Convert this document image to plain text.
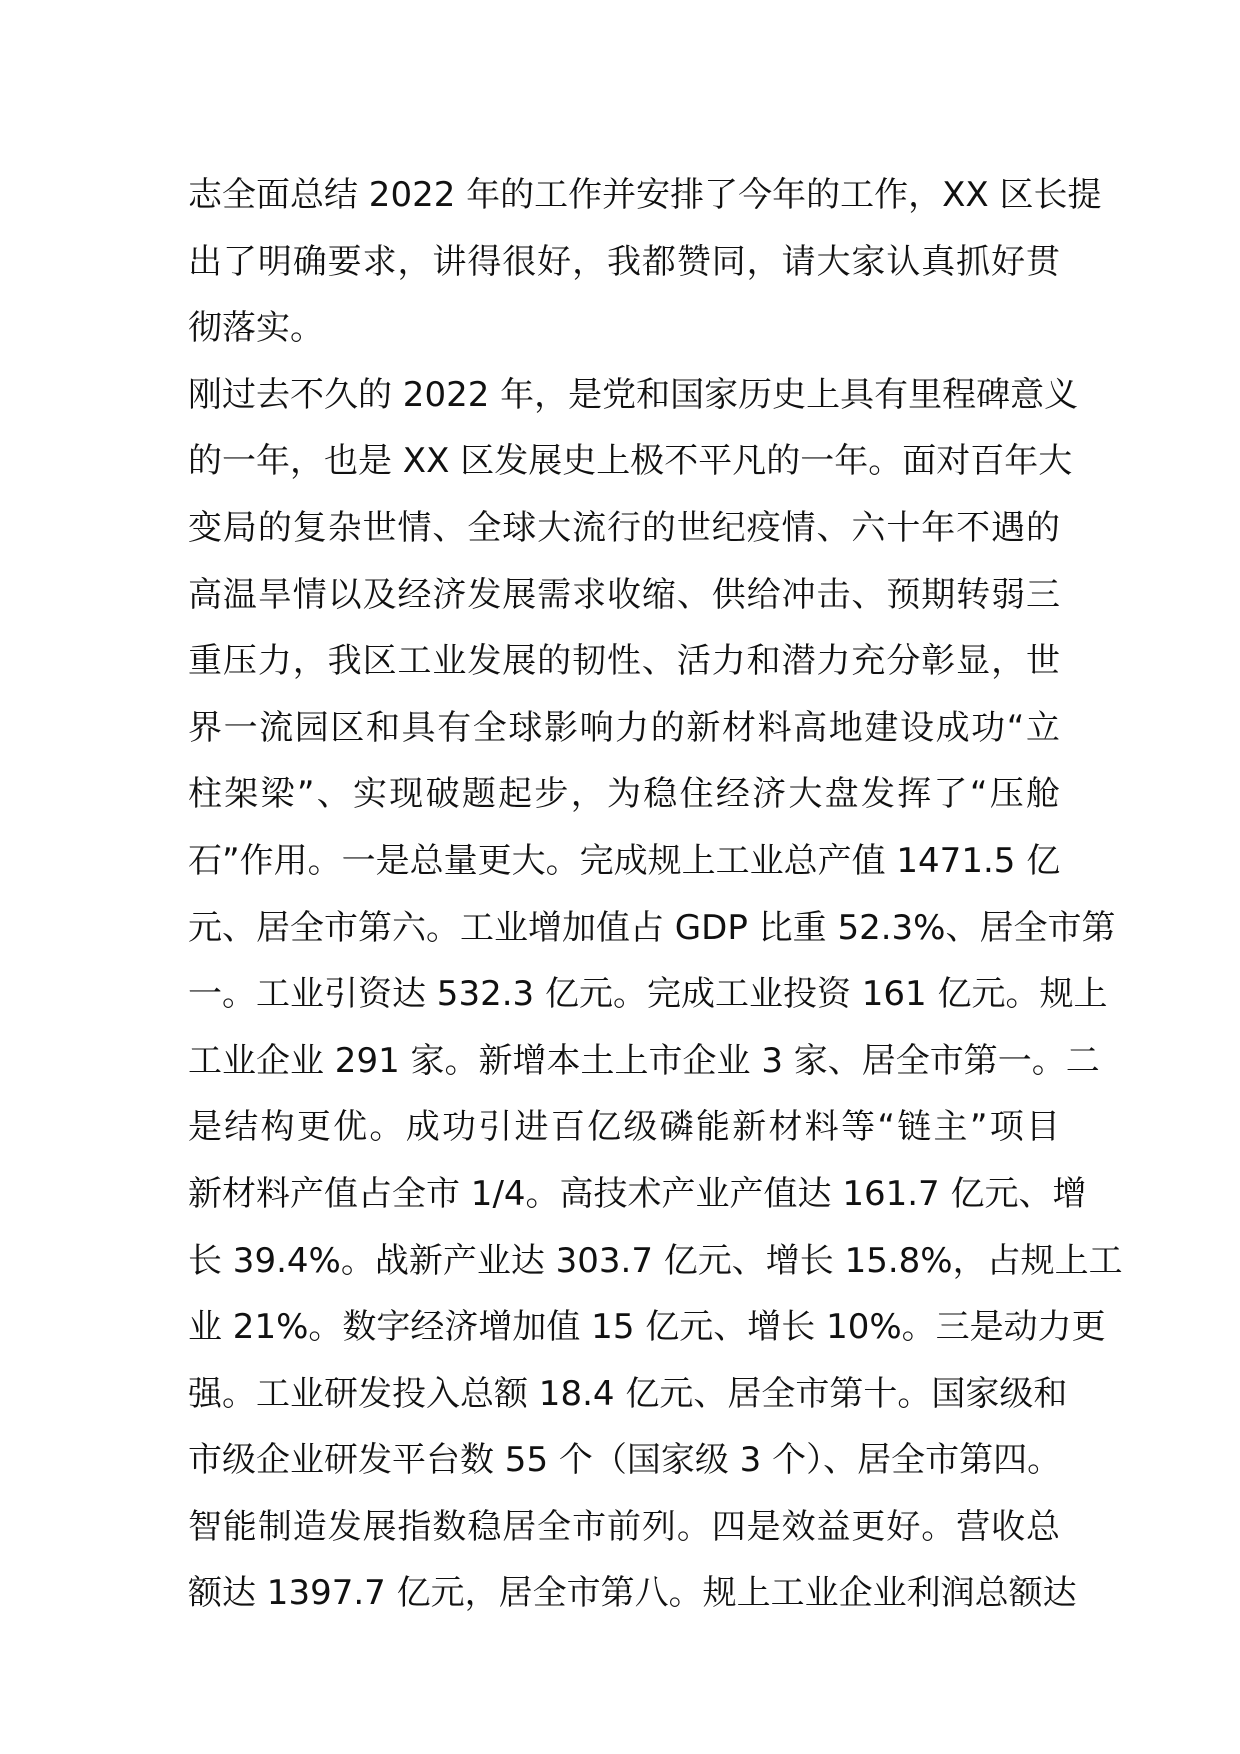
志全面总结 2022 年的工作并安排了今年的工作，XX 区长提
出了明确要求，讲得很好，我都赞同，请大家认真抓好贯
彻落实。
刚过去不久的 2022 年，是党和国家历史上具有里程碑意义
的一年，也是 XX 区发展史上极不平凡的一年。面对百年大
变局的复杂世情、全球大流行的世纪疫情、六十年不遇的
高温旱情以及经济发展需求收缩、供给冲击、预期转弱三
重压力，我区工业发展的韧性、活力和潜力充分彰显，世
界一流园区和具有全球影响力的新材料高地建设成功“立
柱架梁”、实现破题起步，为稳住经济大盘发挥了“压舱
石”作用。一是总量更大。完成规上工业总产值 1471.5 亿
元、居全市第六。工业增加值占 GDP 比重 52.3%、居全市第
一。工业引资达 532.3 亿元。完成工业投资 161 亿元。规上
工业企业 291 家。新增本土上市企业 3 家、居全市第一。二
是结构更优。成功引进百亿级磷能新材料等“链主”项目
新材料产值占全市 1/4。高技术产业产值达 161.7 亿元、增
长 39.4%。战新产业达 303.7 亿元、增长 15.8%，占规上工
业 21%。数字经济增加值 15 亿元、增长 10%。三是动力更
强。工业研发投入总额 18.4 亿元、居全市第十。国家级和
市级企业研发平台数 55 个（国家级 3 个）、居全市第四。
智能制造发展指数稳居全市前列。四是效益更好。营收总
额达 1397.7 亿元，居全市第八。规上工业企业利润总额达
